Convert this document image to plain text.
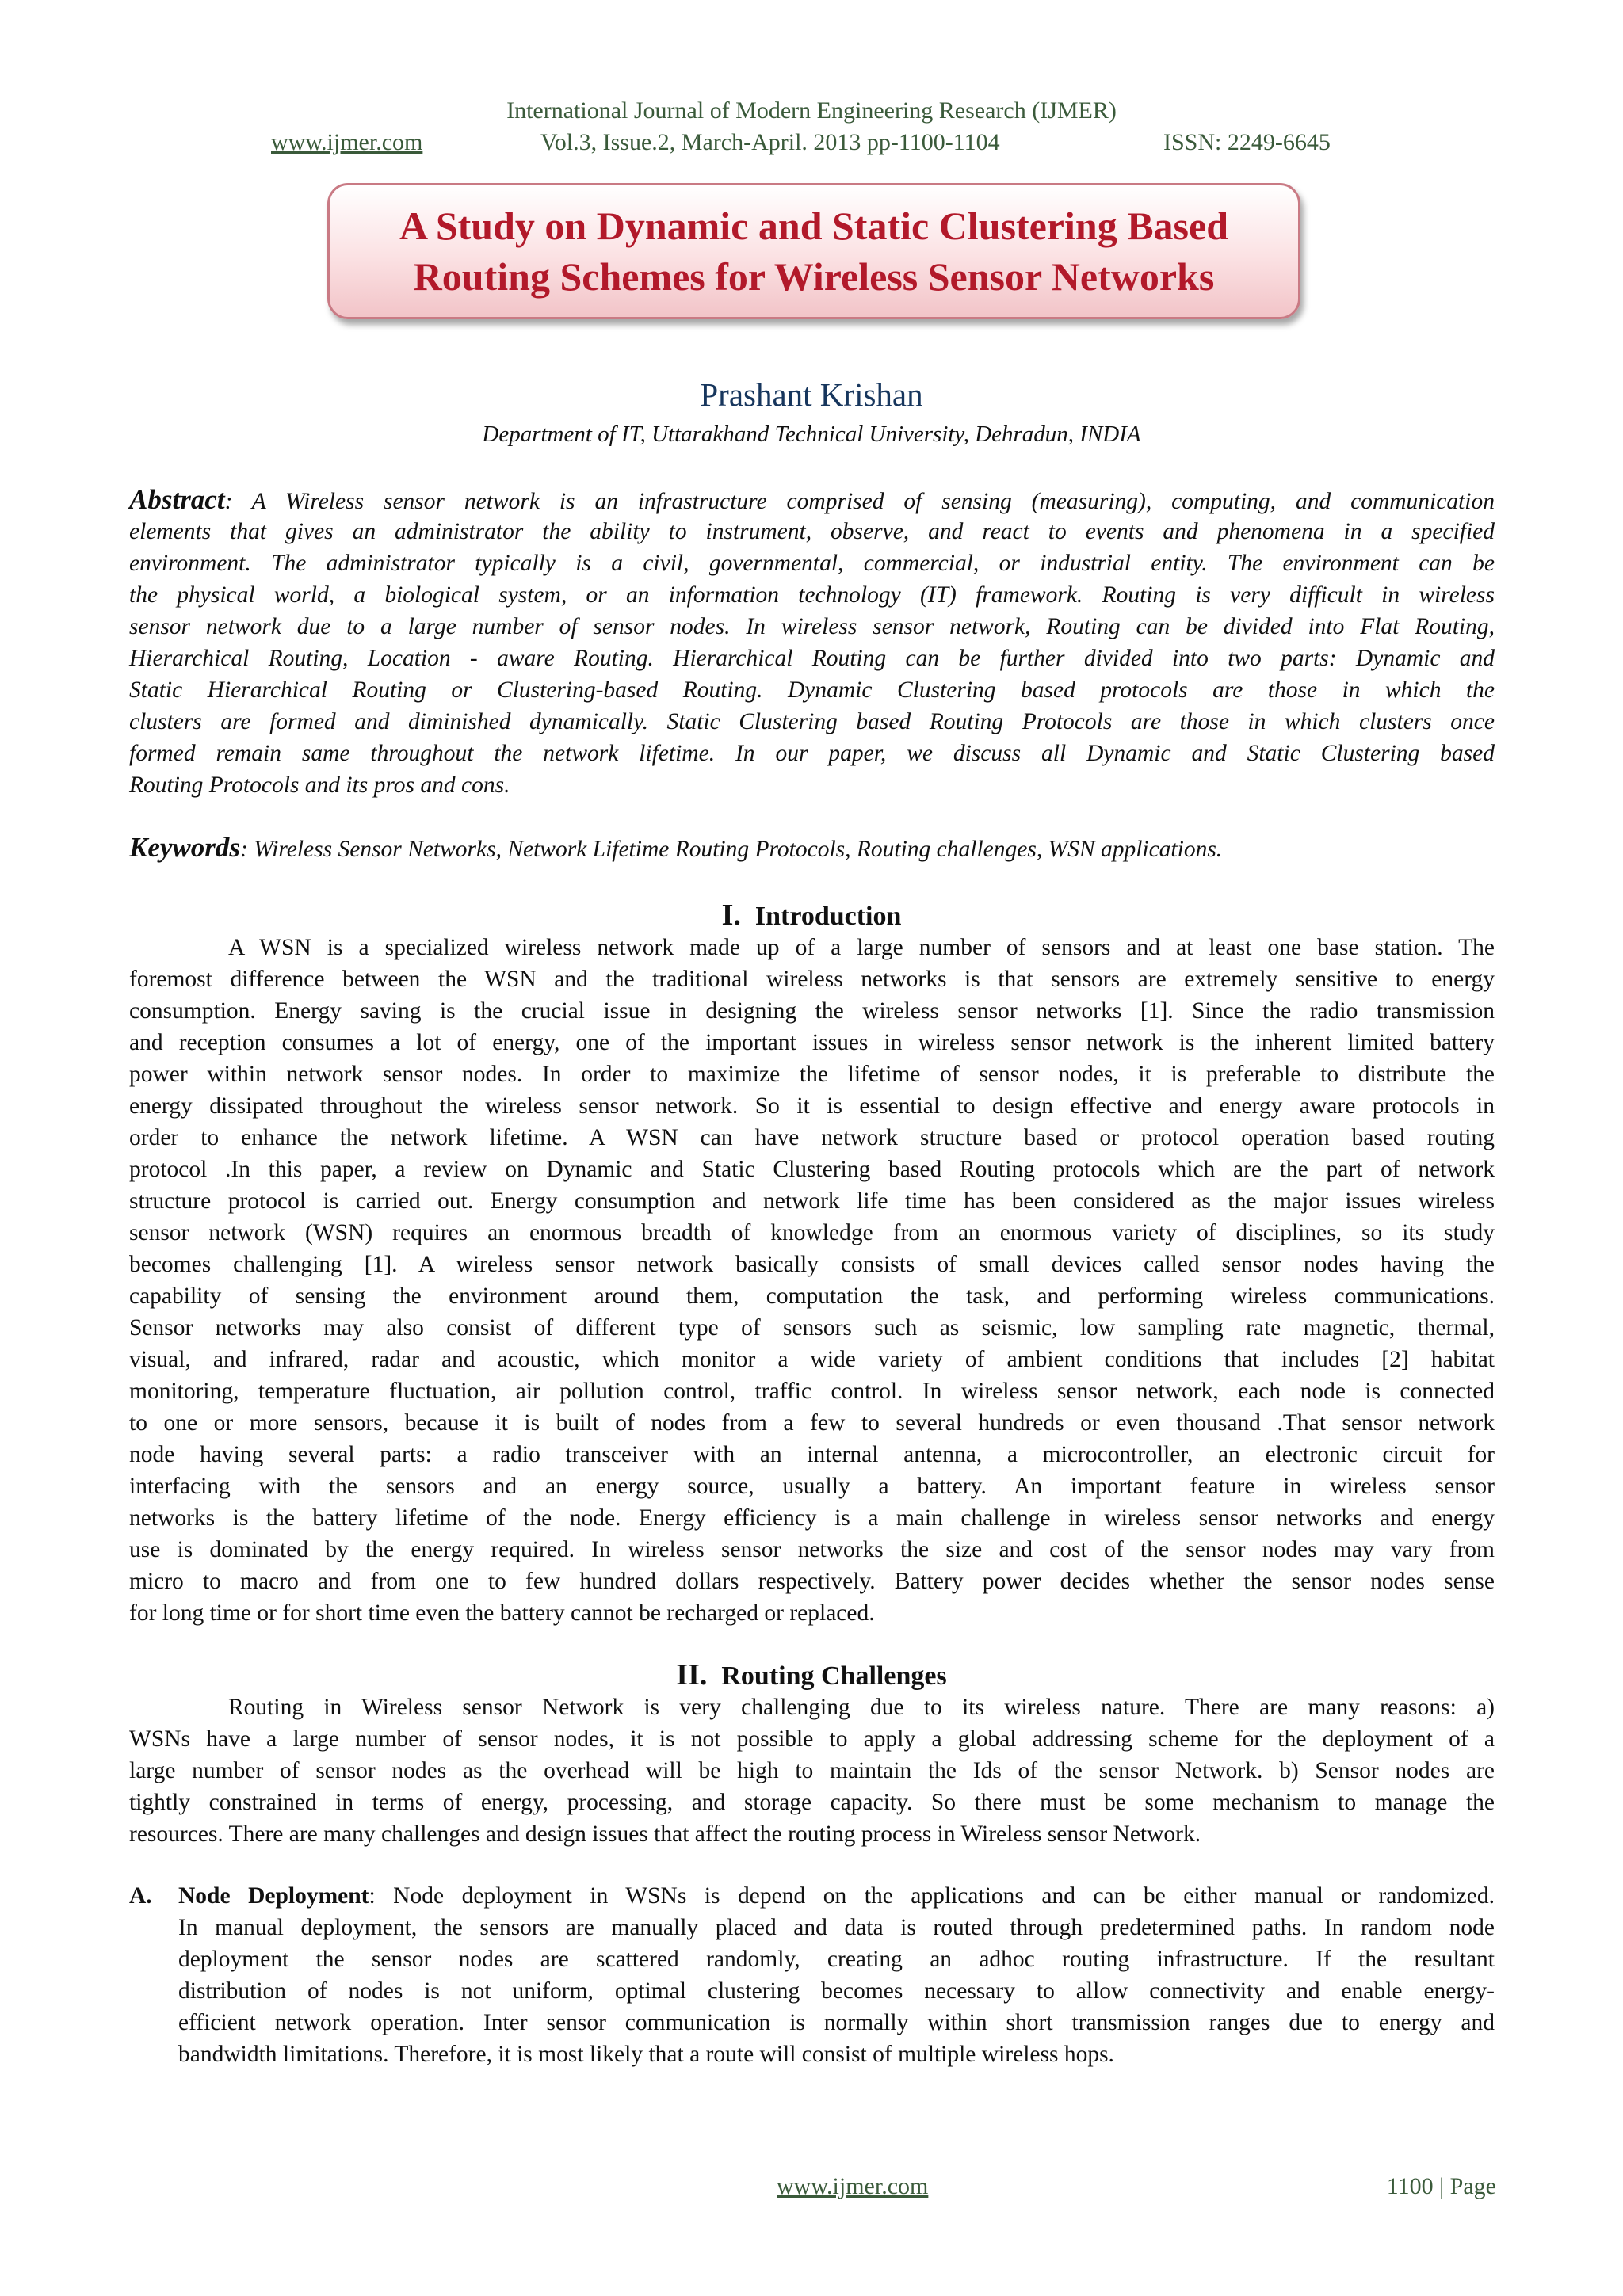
International Journal of Modern Engineering Research (IJMER)
www.ijmer.com	Vol.3, Issue.2, March-April. 2013 pp-1100-1104	ISSN: 2249-6645
A Study on Dynamic and Static Clustering Based
Routing Schemes for Wireless Sensor Networks
Prashant Krishan
Department of IT, Uttarakhand Technical University, Dehradun, INDIA
Abstract: A Wireless sensor network is an infrastructure comprised of sensing (measuring), computing, and communication
elements that gives an administrator the ability to instrument, observe, and react to events and phenomena in a specified
environment. The administrator typically is a civil, governmental, commercial, or industrial entity. The environment can be
the physical world, a biological system, or an information technology (IT) framework. Routing is very difficult in wireless
sensor network due to a large number of sensor nodes. In wireless sensor network, Routing can be divided into Flat Routing,
Hierarchical Routing, Location - aware Routing. Hierarchical Routing can be further divided into two parts: Dynamic and
Static Hierarchical Routing or Clustering-based Routing. Dynamic Clustering based protocols are those in which the
clusters are formed and diminished dynamically. Static Clustering based Routing Protocols are those in which clusters once
formed remain same throughout the network lifetime. In our paper, we discuss all Dynamic and Static Clustering based
Routing Protocols and its pros and cons.
Keywords: Wireless Sensor Networks, Network Lifetime Routing Protocols, Routing challenges, WSN applications.
I. Introduction
A WSN is a specialized wireless network made up of a large number of sensors and at least one base station. The
foremost difference between the WSN and the traditional wireless networks is that sensors are extremely sensitive to energy
consumption. Energy saving is the crucial issue in designing the wireless sensor networks [1]. Since the radio transmission
and reception consumes a lot of energy, one of the important issues in wireless sensor network is the inherent limited battery
power within network sensor nodes. In order to maximize the lifetime of sensor nodes, it is preferable to distribute the
energy dissipated throughout the wireless sensor network. So it is essential to design effective and energy aware protocols in
order to enhance the network lifetime. A WSN can have network structure based or protocol operation based routing
protocol .In this paper, a review on Dynamic and Static Clustering based Routing protocols which are the part of network
structure protocol is carried out. Energy consumption and network life time has been considered as the major issues wireless
sensor network (WSN) requires an enormous breadth of knowledge from an enormous variety of disciplines, so its study
becomes challenging [1]. A wireless sensor network basically consists of small devices called sensor nodes having the
capability of sensing the environment around them, computation the task, and performing wireless communications.
Sensor networks may also consist of different type of sensors such as seismic, low sampling rate magnetic, thermal,
visual, and infrared, radar and acoustic, which monitor a wide variety of ambient conditions that includes [2] habitat
monitoring, temperature fluctuation, air pollution control, traffic control. In wireless sensor network, each node is connected
to one or more sensors, because it is built of nodes from a few to several hundreds or even thousand .That sensor network
node having several parts: a radio transceiver with an internal antenna, a microcontroller, an electronic circuit for
interfacing with the sensors and an energy source, usually a battery. An important feature in wireless sensor
networks is the battery lifetime of the node. Energy efficiency is a main challenge in wireless sensor networks and energy
use is dominated by the energy required. In wireless sensor networks the size and cost of the sensor nodes may vary from
micro to macro and from one to few hundred dollars respectively. Battery power decides whether the sensor nodes sense
for long time or for short time even the battery cannot be recharged or replaced.
II. Routing Challenges
Routing in Wireless sensor Network is very challenging due to its wireless nature. There are many reasons: a)
WSNs have a large number of sensor nodes, it is not possible to apply a global addressing scheme for the deployment of a
large number of sensor nodes as the overhead will be high to maintain the Ids of the sensor Network. b) Sensor nodes are
tightly constrained in terms of energy, processing, and storage capacity. So there must be some mechanism to manage the
resources. There are many challenges and design issues that affect the routing process in Wireless sensor Network.
A. Node Deployment: Node deployment in WSNs is depend on the applications and can be either manual or randomized.
In manual deployment, the sensors are manually placed and data is routed through predetermined paths. In random node
deployment the sensor nodes are scattered randomly, creating an adhoc routing infrastructure. If the resultant
distribution of nodes is not uniform, optimal clustering becomes necessary to allow connectivity and enable energy-
efficient network operation. Inter sensor communication is normally within short transmission ranges due to energy and
bandwidth limitations. Therefore, it is most likely that a route will consist of multiple wireless hops.
www.ijmer.com	1100 | Page
